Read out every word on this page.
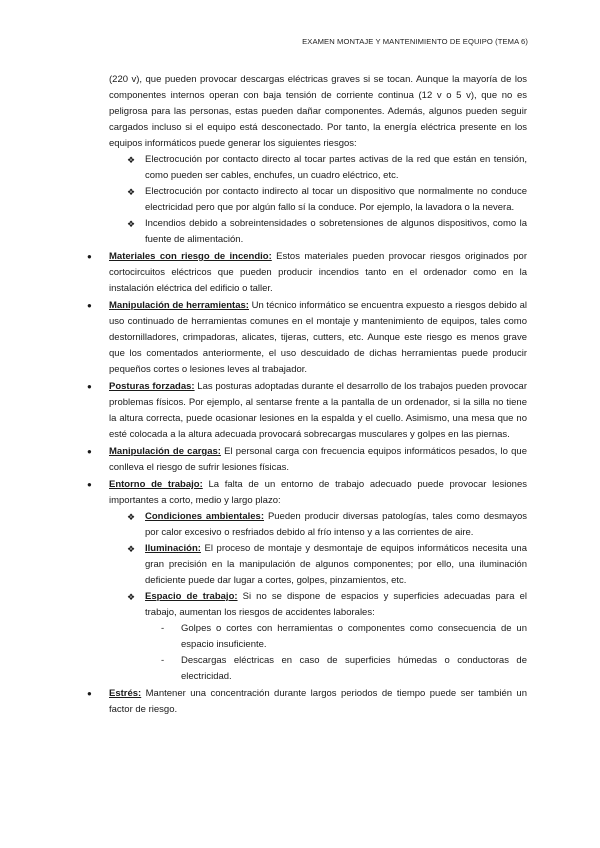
EXAMEN MONTAJE Y MANTENIMIENTO DE EQUIPO (TEMA 6)

(220 v), que pueden provocar descargas eléctricas graves si se tocan. Aunque la mayoría de los componentes internos operan con baja tensión de corriente continua (12 v o 5 v), que no es peligrosa para las personas, estas pueden dañar componentes. Además, algunos pueden seguir cargados incluso si el equipo está desconectado. Por tanto, la energía eléctrica presente en los equipos informáticos puede generar los siguientes riesgos:

❖	Electrocución por contacto directo al tocar partes activas de la red que están en tensión, como pueden ser cables, enchufes, un cuadro eléctrico, etc.
❖	Electrocución por contacto indirecto al tocar un dispositivo que normalmente no conduce electricidad pero que por algún fallo sí la conduce. Por ejemplo, la lavadora o la nevera.
❖	Incendios debido a sobreintensidades o sobretensiones de algunos dispositivos, como la fuente de alimentación.
●	Materiales con riesgo de incendio: Estos materiales pueden provocar riesgos originados por cortocircuitos eléctricos que pueden producir incendios tanto en el ordenador como en la instalación eléctrica del edificio o taller.
●	Manipulación de herramientas: Un técnico informático se encuentra expuesto a riesgos debido al uso continuado de herramientas comunes en el montaje y mantenimiento de equipos, tales como destornilladores, crimpadoras, alicates, tijeras, cutters, etc. Aunque este riesgo es menos grave que los comentados anteriormente, el uso descuidado de dichas herramientas puede producir pequeños cortes o lesiones leves al trabajador.
●	Posturas forzadas: Las posturas adoptadas durante el desarrollo de los trabajos pueden provocar problemas físicos. Por ejemplo, al sentarse frente a la pantalla de un ordenador, si la silla no tiene la altura correcta, puede ocasionar lesiones en la espalda y el cuello. Asimismo, una mesa que no esté colocada a la altura adecuada provocará sobrecargas musculares y golpes en las piernas.
●	Manipulación de cargas: El personal carga con frecuencia equipos informáticos pesados, lo que conlleva el riesgo de sufrir lesiones físicas.
●	Entorno de trabajo: La falta de un entorno de trabajo adecuado puede provocar lesiones importantes a corto, medio y largo plazo:
❖	Condiciones ambientales: Pueden producir diversas patologías, tales como desmayos por calor excesivo o resfriados debido al frío intenso y a las corrientes de aire.
❖	Iluminación: El proceso de montaje y desmontaje de equipos informáticos necesita una gran precisión en la manipulación de algunos componentes; por ello, una iluminación deficiente puede dar lugar a cortes, golpes, pinzamientos, etc.
❖	Espacio de trabajo: Si no se dispone de espacios y superficies adecuadas para el trabajo, aumentan los riesgos de accidentes laborales:
-	Golpes o cortes con herramientas o componentes como consecuencia de un espacio insuficiente.
-	Descargas eléctricas en caso de superficies húmedas o conductoras de electricidad.
●	Estrés: Mantener una concentración durante largos periodos de tiempo puede ser también un factor de riesgo.
